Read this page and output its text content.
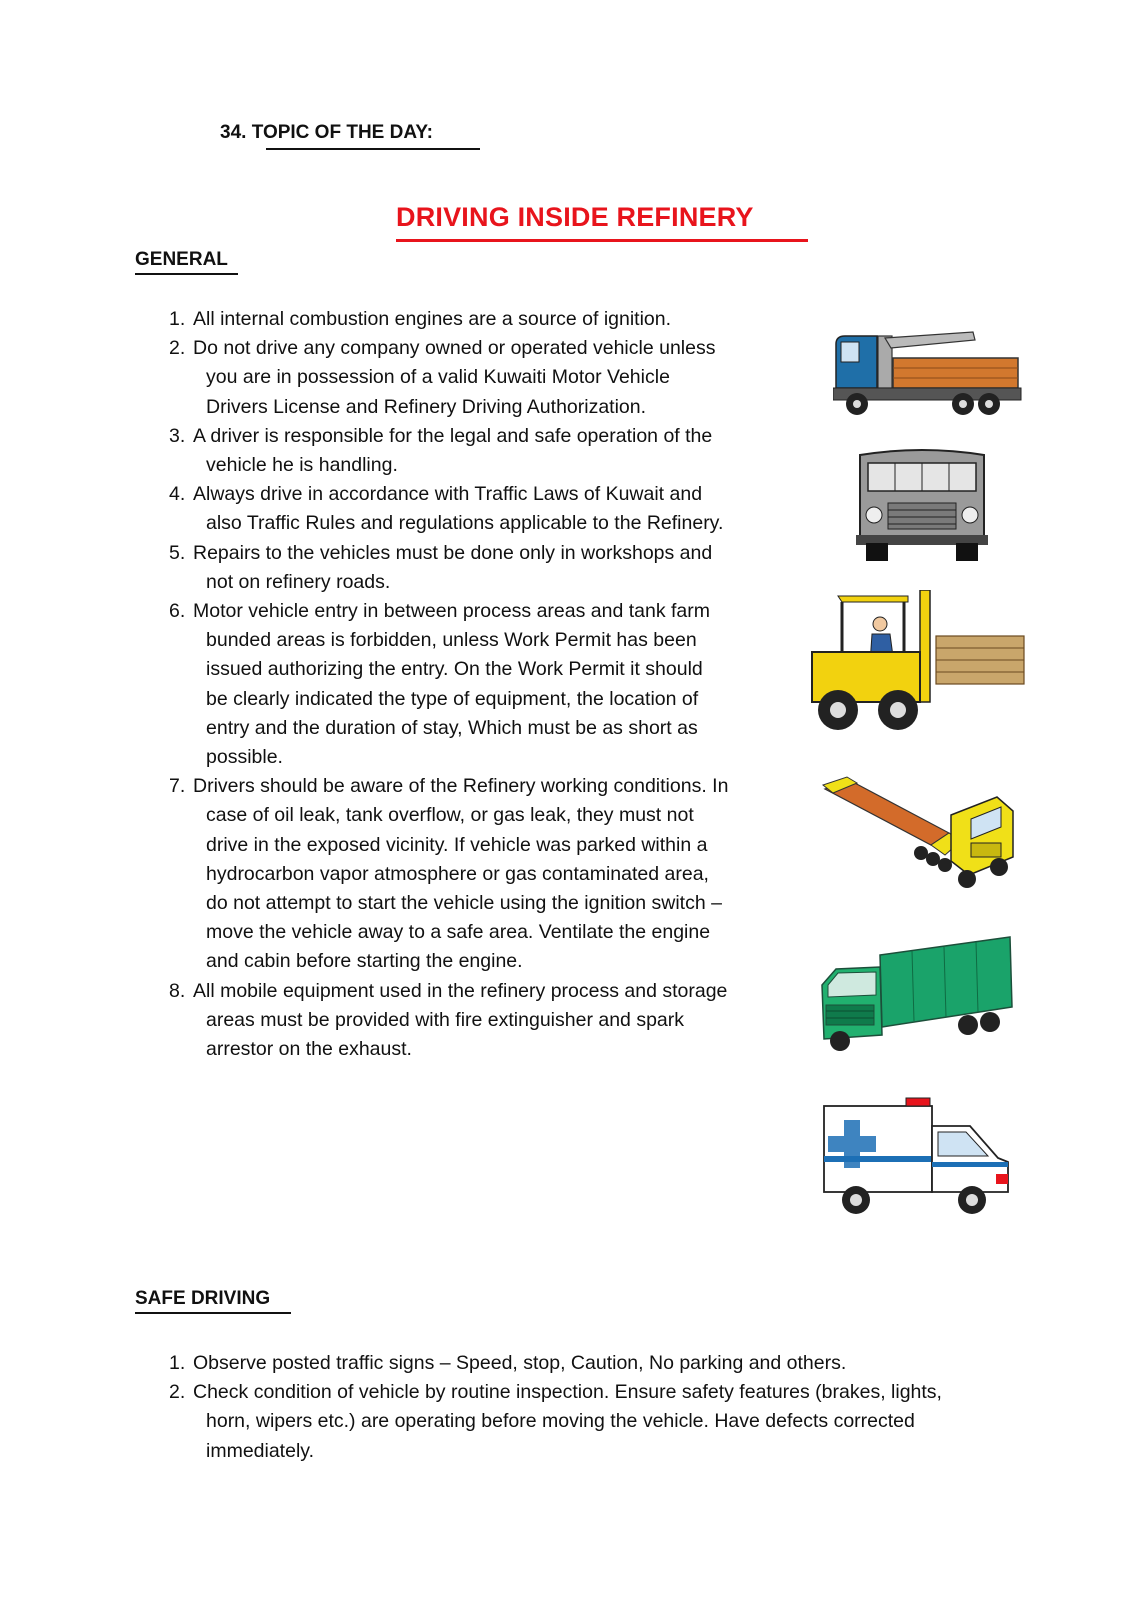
34. TOPIC OF THE DAY:
DRIVING INSIDE REFINERY
GENERAL
1. All internal combustion engines are a source of ignition.
2. Do not drive any company owned or operated vehicle unless you are in possession of a valid Kuwaiti Motor Vehicle Drivers License and Refinery Driving Authorization.
3. A driver is responsible for the legal and safe operation of the vehicle he is handling.
4. Always drive in accordance with Traffic Laws of Kuwait and also Traffic Rules and regulations applicable to the Refinery.
5. Repairs to the vehicles must be done only in workshops and not on refinery roads.
6. Motor vehicle entry in between process areas and tank farm bunded areas is forbidden, unless Work Permit has been issued authorizing the entry. On the Work Permit it should be clearly indicated the type of equipment, the location of entry and the duration of stay, Which must be as short as possible.
7. Drivers should be aware of the Refinery working conditions. In case of oil leak, tank overflow, or gas leak, they must not drive in the exposed vicinity. If vehicle was parked within a hydrocarbon vapor atmosphere or gas contaminated area, do not attempt to start the vehicle using the ignition switch – move the vehicle away to a safe area. Ventilate the engine and cabin before starting the engine.
8. All mobile equipment used in the refinery process and storage areas must be provided with fire extinguisher and spark arrestor on the exhaust.
SAFE DRIVING
1. Observe posted traffic signs – Speed, stop, Caution, No parking and others.
2. Check condition of vehicle by routine inspection. Ensure safety features (brakes, lights, horn, wipers etc.) are operating before moving the vehicle. Have defects corrected immediately.
